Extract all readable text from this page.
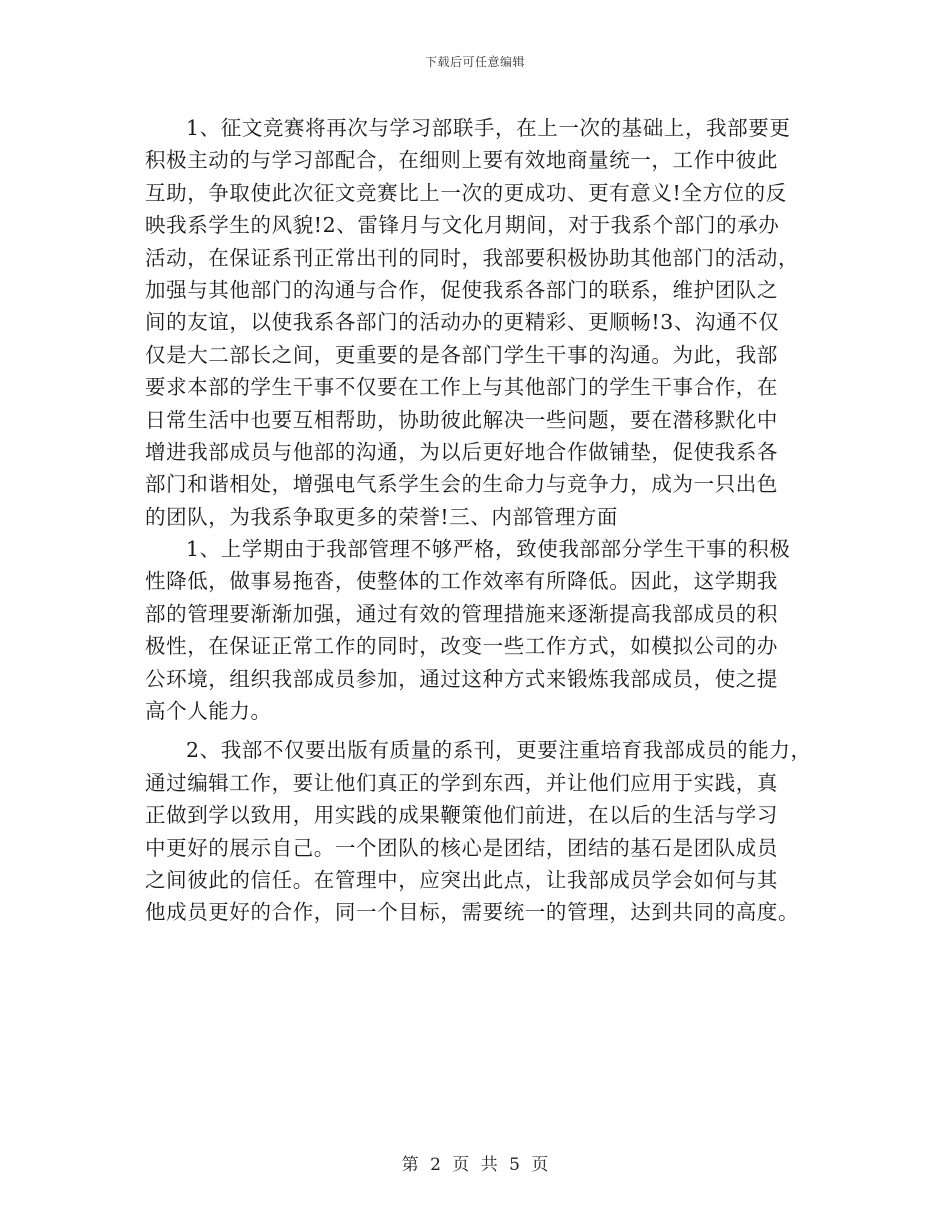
下载后可任意编辑
1、征文竞赛将再次与学习部联手，在上一次的基础上，我部要更
积极主动的与学习部配合，在细则上要有效地商量统一，工作中彼此
互助，争取使此次征文竞赛比上一次的更成功、更有意义!全方位的反
映我系学生的风貌!2、雷锋月与文化月期间，对于我系个部门的承办
活动，在保证系刊正常出刊的同时，我部要积极协助其他部门的活动，
加强与其他部门的沟通与合作，促使我系各部门的联系，维护团队之
间的友谊，以使我系各部门的活动办的更精彩、更顺畅!3、沟通不仅
仅是大二部长之间，更重要的是各部门学生干事的沟通。为此，我部
要求本部的学生干事不仅要在工作上与其他部门的学生干事合作，在
日常生活中也要互相帮助，协助彼此解决一些问题，要在潜移默化中
增进我部成员与他部的沟通，为以后更好地合作做铺垫，促使我系各
部门和谐相处，增强电气系学生会的生命力与竞争力，成为一只出色
的团队，为我系争取更多的荣誉!三、内部管理方面
1、上学期由于我部管理不够严格，致使我部部分学生干事的积极
性降低，做事易拖沓，使整体的工作效率有所降低。因此，这学期我
部的管理要渐渐加强，通过有效的管理措施来逐渐提高我部成员的积
极性，在保证正常工作的同时，改变一些工作方式，如模拟公司的办
公环境，组织我部成员参加，通过这种方式来锻炼我部成员，使之提
高个人能力。
2、我部不仅要出版有质量的系刊，更要注重培育我部成员的能力，
通过编辑工作，要让他们真正的学到东西，并让他们应用于实践，真
正做到学以致用，用实践的成果鞭策他们前进，在以后的生活与学习
中更好的展示自己。一个团队的核心是团结，团结的基石是团队成员
之间彼此的信任。在管理中，应突出此点，让我部成员学会如何与其
他成员更好的合作，同一个目标，需要统一的管理，达到共同的高度。
第 2 页 共 5 页
